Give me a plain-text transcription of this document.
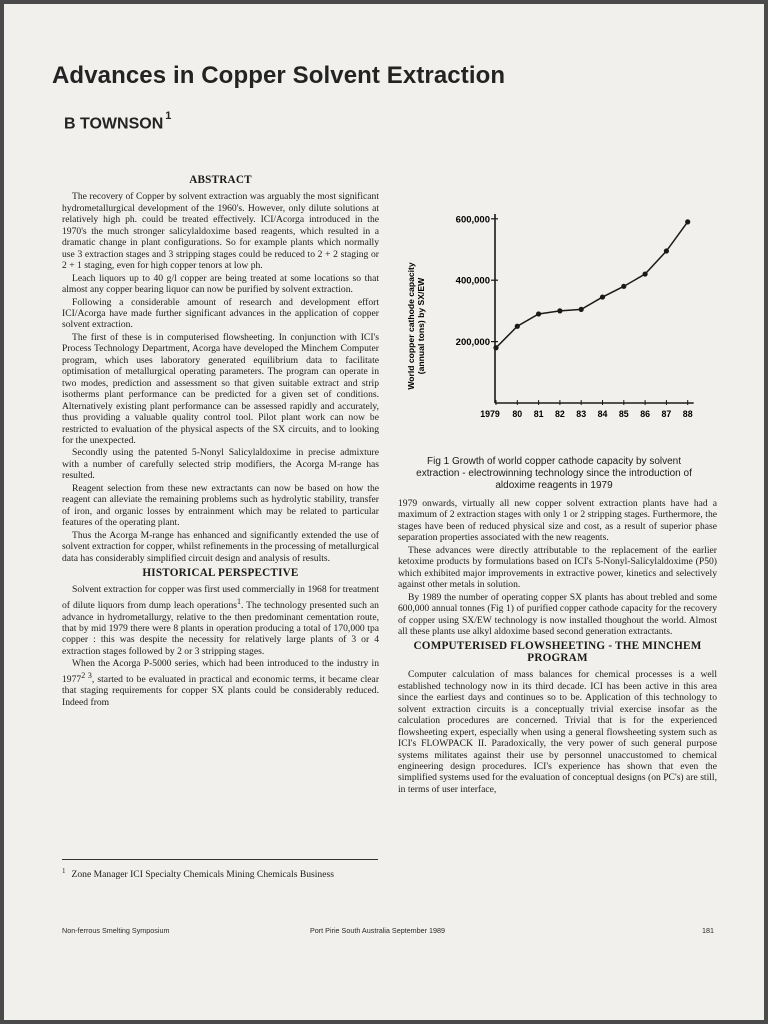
Advances in Copper Solvent Extraction
B TOWNSON $^1$
ABSTRACT

The recovery of Copper by solvent extraction was arguably the most significant hydrometallurgical development of the 1960's. However, only dilute solutions at relatively high ph. could be treated effectively. ICI/Acorga introduced in the 1970's the much stronger salicylaldoxime based reagents, which resulted in a dramatic change in plant configurations. So for example plants which normally use 3 extraction stages and 3 stripping stages could be reduced to 2 + 2 staging or 2 + 1 staging, even for high copper tenors at low ph.

Leach liquors up to 40 g/l copper are being treated at some locations so that almost any copper bearing liquor can now be purified by solvent extraction.

Following a considerable amount of research and development effort ICI/Acorga have made further significant advances in the application of copper solvent extraction.

The first of these is in computerised flowsheeting. In conjunction with ICI's Process Technology Department, Acorga have developed the Minchem Computer program, which uses laboratory generated equilibrium data to facilitate optimisation of metallurgical operating parameters. The program can operate in two modes, prediction and assessment so that given suitable extract and strip isotherms plant performance can be predicted for a given set of conditions. Alternatively existing plant performance can be assessed rapidly and accurately, thus providing a valuable quality control tool. Pilot plant work can now be restricted to evaluation of the physical aspects of the SX circuits, and to looking for the unexpected.

Secondly using the patented 5-Nonyl Salicylaldoxime in precise admixture with a number of carefully selected strip modifiers, the Acorga M-range has resulted.

Reagent selection from these new extractants can now be based on how the reagent can alleviate the remaining problems such as hydrolytic stability, transfer of iron, and organic losses by entrainment which may be related to particular features of the operating plant.

Thus the Acorga M-range has enhanced and significantly extended the use of solvent extraction for copper, whilst refinements in the processing of metallurgical data has considerably simplified circuit design and analysis of results.

HISTORICAL PERSPECTIVE

Solvent extraction for copper was first used commercially in 1968 for treatment of dilute liquors from dump leach operations$^1$. The technology presented such an advance in hydrometallurgy, relative to the then predominant cementation route, that by mid 1979 there were 8 plants in operation producing a total of 170,000 tpa copper : this was despite the necessity for relatively large plants of 3 or 4 extraction stages followed by 2 or 3 stripping stages.

When the Acorga P-5000 series, which had been introduced to the industry in $1977^{2 3}$, started to be evaluated in practical and economic terms, it became clear that staging requirements for copper SX plants could be considerably reduced. Indeed from

$^1$ Zone Manager ICI Specialty Chemicals Mining Chemicals Business
World copper cathode capacity (annual tons) by SX/EW	200,000
400,000
600,000
1979 80 81 82 83 84 85 86 87 88
Fig 1 Growth of world copper cathode capacity by solvent extraction - electrowinning technology since the introduction of aldoxime reagents in 1979

1979 onwards, virtually all new copper solvent extraction plants have had a maximum of 2 extraction stages with only 1 or 2 stripping stages. Furthermore, the stages have been of reduced physical size and cost, as a result of superior phase separation properties associated with the new reagents.

These advances were directly attributable to the replacement of the earlier ketoxime products by formulations based on ICI's 5-Nonyl-Salicylaldoxime (P50) which exhibited major improvements in extractive power, kinetics and selectively against other metals in solution.

By 1989 the number of operating copper SX plants has about trebled and some 600,000 annual tonnes (Fig 1) of purified copper cathode capacity for the recovery of copper using SX/EW technology is now installed thoughout the world. Almost all these plants use alkyl aldoxime based second generation extractants.

COMPUTERISED FLOWSHEETING - THE MINCHEM PROGRAM

Computer calculation of mass balances for chemical processes is a well established technology now in its third decade. ICI has been active in this area since the earliest days and continues so to be. Application of this technology to solvent extraction circuits is a conceptually trivial exercise insofar as the calculation procedures are concerned. Trivial that is for the experienced flowsheeting expert, especially when using a general flowsheeting system such as ICI's FLOWPACK II. Paradoxically, the very power of such general purpose systems militates against their use by personnel unaccustomed to chemical engineering design procedures. ICI's experience has shown that even the simplified systems used for the evaluation of conceptual designs (on PC's) are still, in terms of user interface,

Non-ferrous Smelting Symposium	Port Pirie South Australia September 1989	181
